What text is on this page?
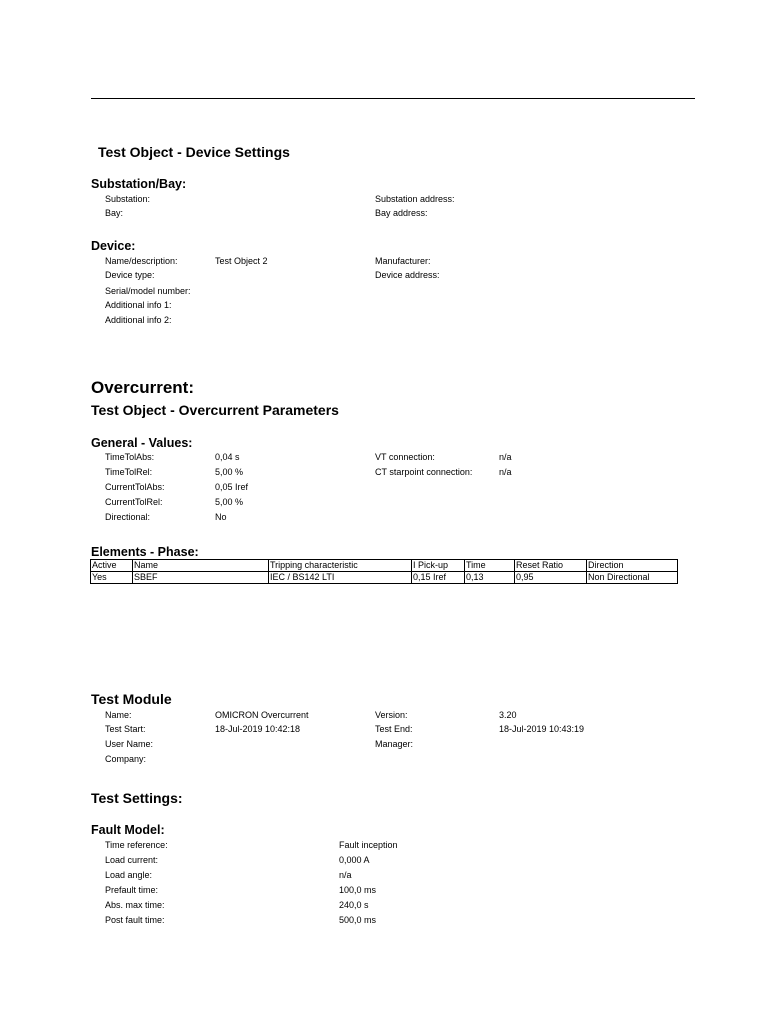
Test Object - Device Settings
Substation/Bay:
Substation:
Bay:
Substation address:
Bay address:
Device:
Name/description:	Test Object 2
Device type:
Serial/model number:
Additional info 1:
Additional info 2:
Manufacturer:
Device address:
Overcurrent:
Test Object - Overcurrent Parameters
General - Values:
TimeTolAbs:	0,04 s
TimeTolRel:	5,00 %
CurrentTolAbs:	0,05 Iref
CurrentTolRel:	5,00 %
Directional:	No
VT connection:	n/a
CT starpoint connection:	n/a
Elements - Phase:
Active	Name	Tripping characteristic	I Pick-up	Time	Reset Ratio	Direction
Yes	SBEF	IEC / BS142 LTI	0,15 Iref	0,13	0,95	Non Directional
Test Module
Name:	OMICRON Overcurrent
Test Start:	18-Jul-2019 10:42:18
User Name:
Company:
Version:	3.20
Test End:	18-Jul-2019 10:43:19
Manager:
Test Settings:
Fault Model:
Time reference:	Fault inception
Load current:	0,000 A
Load angle:	n/a
Prefault time:	100,0 ms
Abs. max time:	240,0 s
Post fault time:	500,0 ms
